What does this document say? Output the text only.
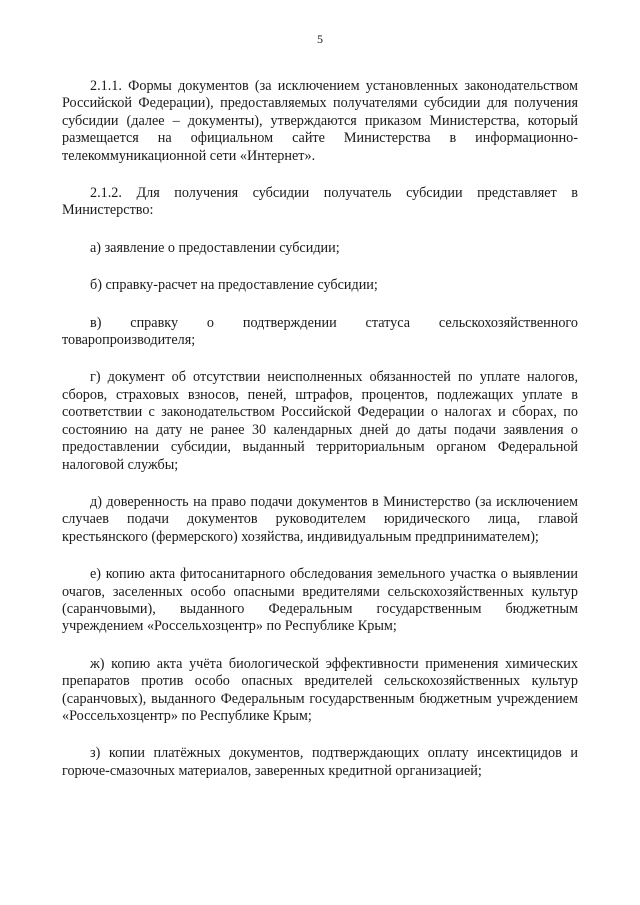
5

2.1.1. Формы документов (за исключением установленных законодательством Российской Федерации), предоставляемых получателями субсидии для получения субсидии (далее – документы), утверждаются приказом Министерства, который размещается на официальном сайте Министерства в информационно-телекоммуникационной сети «Интернет».

2.1.2. Для получения субсидии получатель субсидии представляет в Министерство:

а) заявление о предоставлении субсидии;

б) справку-расчет на предоставление субсидии;

в) справку о подтверждении статуса сельскохозяйственного товаропроизводителя;

г) документ об отсутствии неисполненных обязанностей по уплате налогов, сборов, страховых взносов, пеней, штрафов, процентов, подлежащих уплате в соответствии с законодательством Российской Федерации о налогах и сборах, по состоянию на дату не ранее 30 календарных дней до даты подачи заявления о предоставлении субсидии, выданный территориальным органом Федеральной налоговой службы;

д) доверенность на право подачи документов в Министерство (за исключением случаев подачи документов руководителем юридического лица, главой крестьянского (фермерского) хозяйства, индивидуальным предпринимателем);

е) копию акта фитосанитарного обследования земельного участка о выявлении очагов, заселенных особо опасными вредителями сельскохозяйственных культур (саранчовыми), выданного Федеральным государственным бюджетным учреждением «Россельхозцентр» по Республике Крым;

ж) копию акта учёта биологической эффективности применения химических препаратов против особо опасных вредителей сельскохозяйственных культур (саранчовых), выданного Федеральным государственным бюджетным учреждением «Россельхозцентр» по Республике Крым;

з) копии платёжных документов, подтверждающих оплату инсектицидов и горюче-смазочных материалов, заверенных кредитной организацией;
